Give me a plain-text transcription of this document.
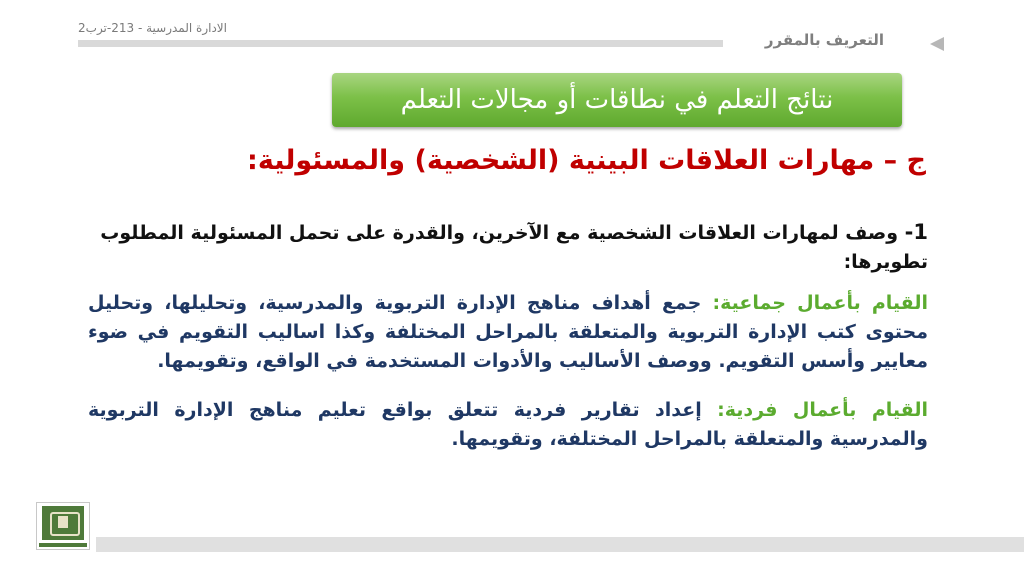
الادارة المدرسية - 213-ترب2
التعريف بالمقرر
نتائج التعلم في نطاقات أو مجالات التعلم
ج – مهارات العلاقات البينية (الشخصية) والمسئولية:
1- وصف لمهارات العلاقات الشخصية مع الآخرين، والقدرة على تحمل المسئولية المطلوب تطويرها:
القيام بأعمال جماعية: جمع أهداف مناهج الإدارة التربوية والمدرسية، وتحليلها، وتحليل محتوى كتب الإدارة التربوية والمتعلقة بالمراحل المختلفة وكذا اساليب التقويم في ضوء معايير وأسس التقويم. ووصف الأساليب والأدوات المستخدمة في الواقع، وتقويمها.
القيام بأعمال فردية: إعداد تقارير فردية تتعلق بواقع تعليم مناهج الإدارة التربوية والمدرسية والمتعلقة بالمراحل المختلفة، وتقويمها.
